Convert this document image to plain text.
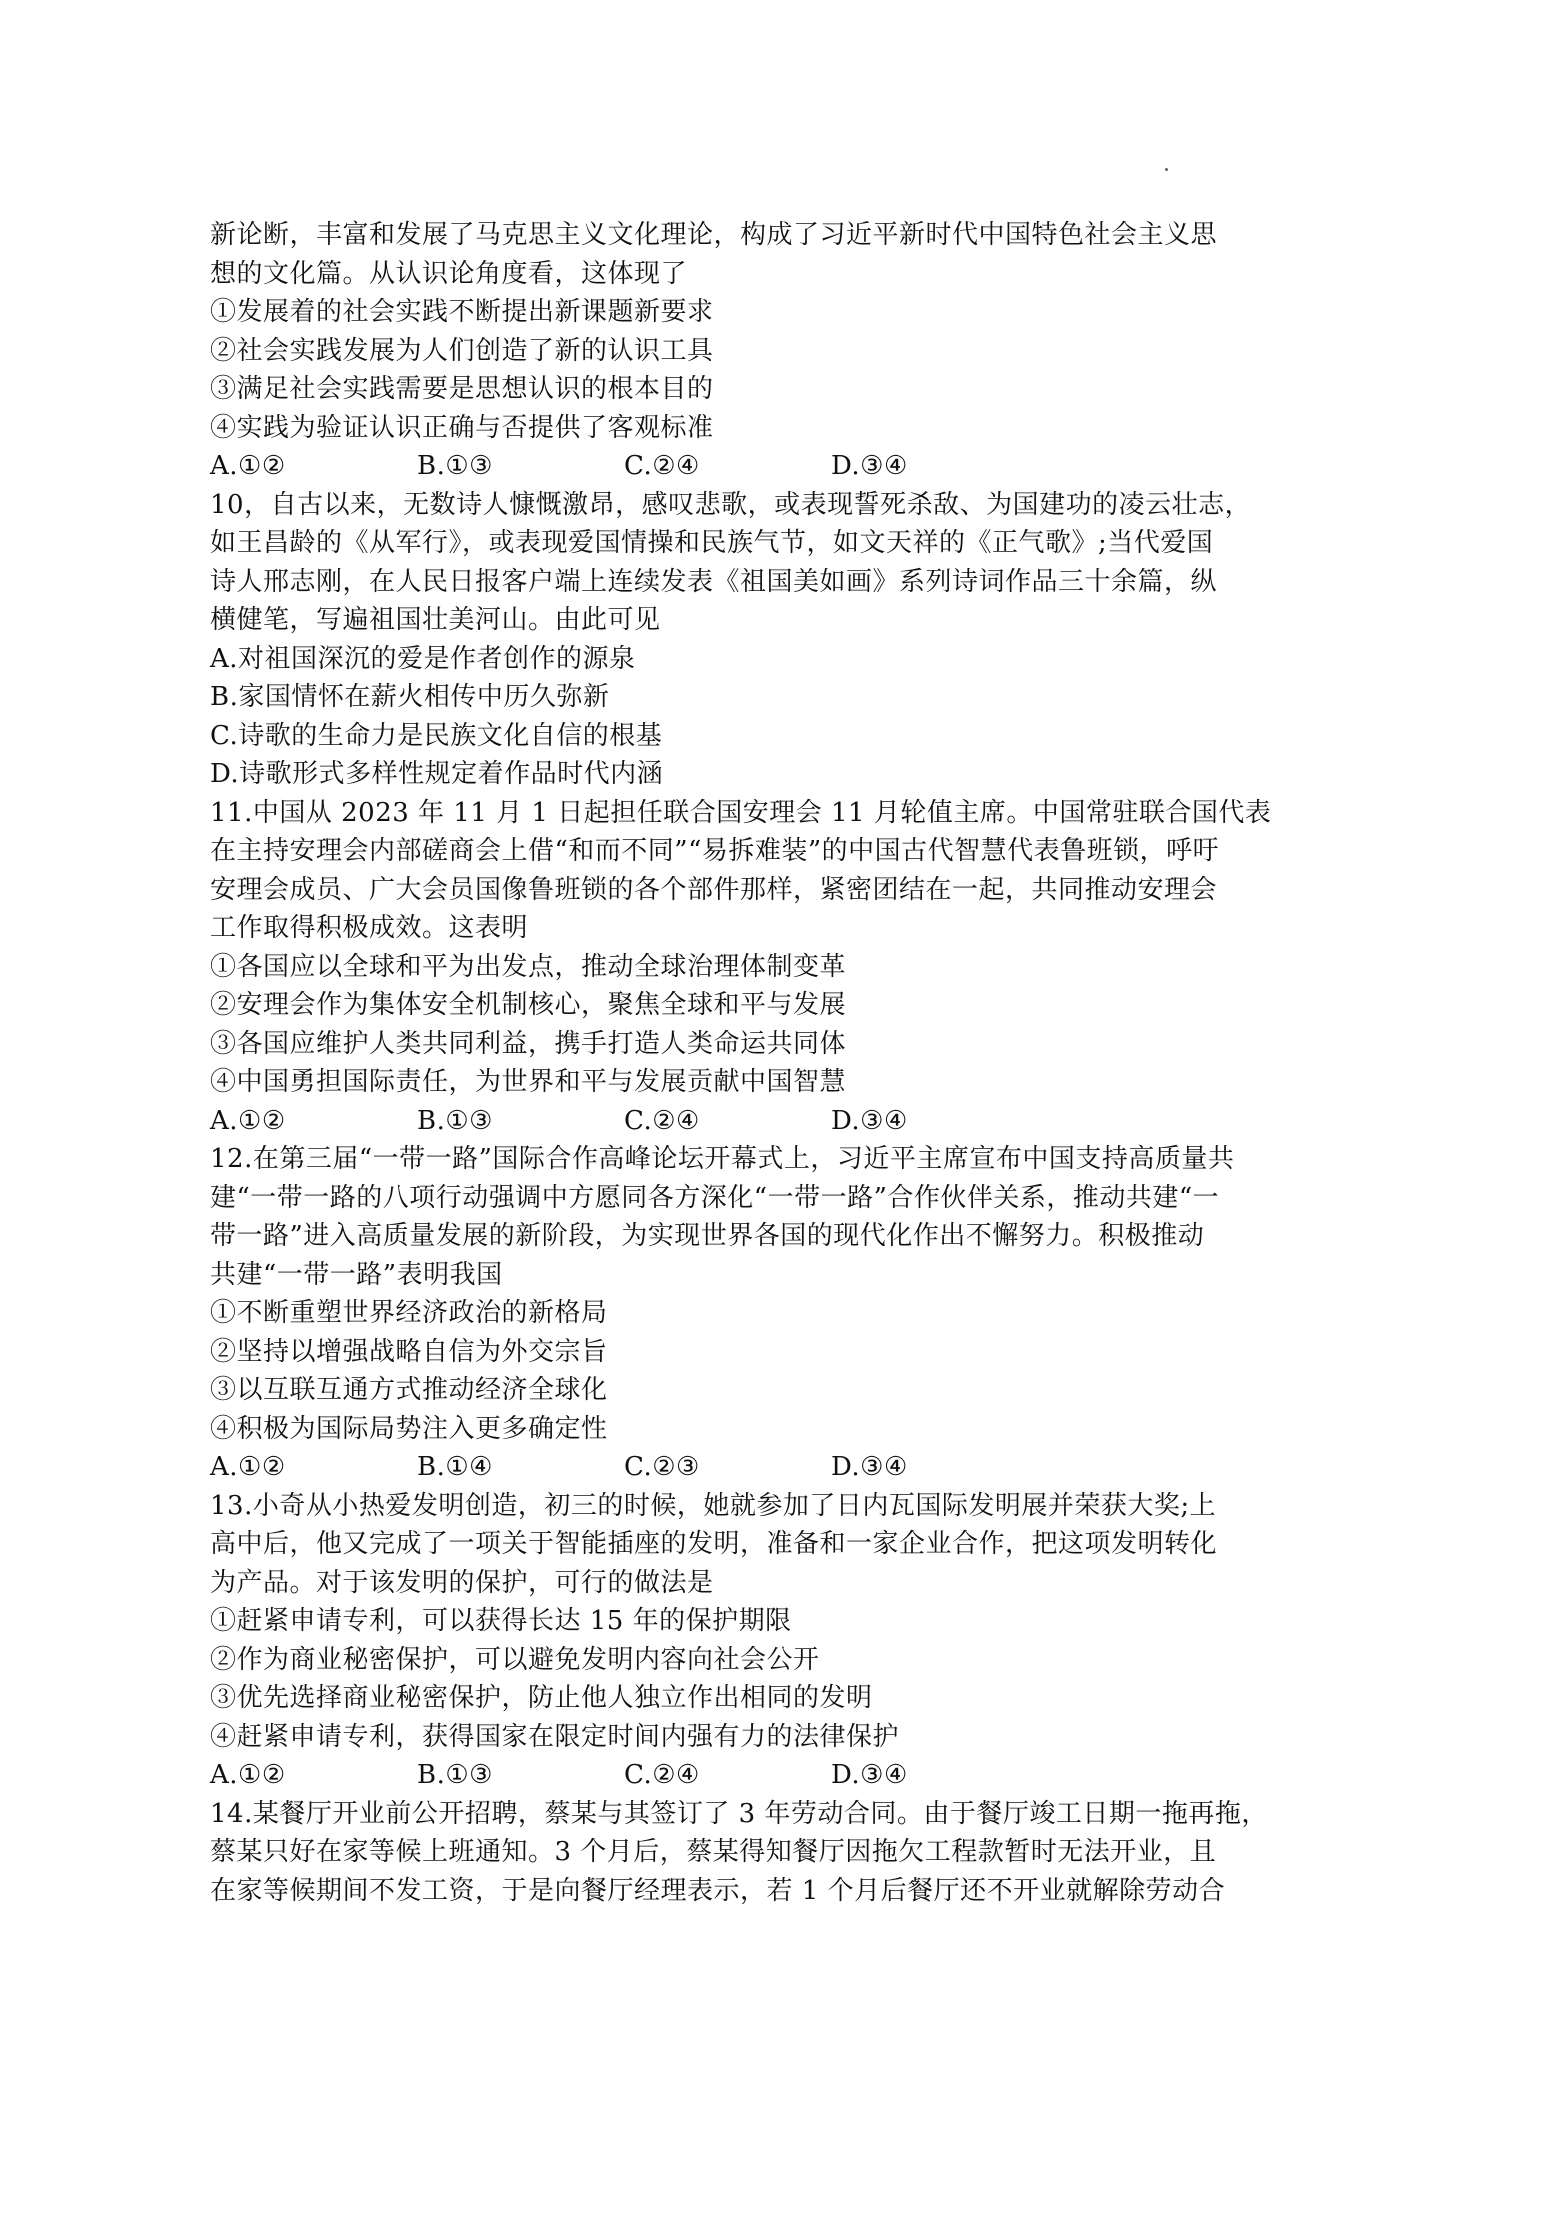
新论断，丰富和发展了马克思主义文化理论，构成了习近平新时代中国特色社会主义思
想的文化篇。从认识论角度看，这体现了
①发展着的社会实践不断提出新课题新要求
②社会实践发展为人们创造了新的认识工具
③满足社会实践需要是思想认识的根本目的
④实践为验证认识正确与否提供了客观标准
A.①②	B.①③	C.②④	D.③④
10，自古以来，无数诗人慷慨激昂，感叹悲歌，或表现誓死杀敌、为国建功的凌云壮志，
如王昌龄的《从军行》，或表现爱国情操和民族气节，如文天祥的《正气歌》;当代爱国
诗人邢志刚，在人民日报客户端上连续发表《祖国美如画》系列诗词作品三十余篇，纵
横健笔，写遍祖国壮美河山。由此可见
A.对祖国深沉的爱是作者创作的源泉
B.家国情怀在薪火相传中历久弥新
C.诗歌的生命力是民族文化自信的根基
D.诗歌形式多样性规定着作品时代内涵
11.中国从 2023 年 11 月 1 日起担任联合国安理会 11 月轮值主席。中国常驻联合国代表
在主持安理会内部磋商会上借“和而不同”“易拆难装”的中国古代智慧代表鲁班锁，呼吁
安理会成员、广大会员国像鲁班锁的各个部件那样，紧密团结在一起，共同推动安理会
工作取得积极成效。这表明
①各国应以全球和平为出发点，推动全球治理体制变革
②安理会作为集体安全机制核心，聚焦全球和平与发展
③各国应维护人类共同利益，携手打造人类命运共同体
④中国勇担国际责任，为世界和平与发展贡献中国智慧
A.①②	B.①③	C.②④	D.③④
12.在第三届“一带一路”国际合作高峰论坛开幕式上，习近平主席宣布中国支持高质量共
建“一带一路的八项行动强调中方愿同各方深化“一带一路”合作伙伴关系，推动共建“一
带一路”进入高质量发展的新阶段，为实现世界各国的现代化作出不懈努力。积极推动
共建“一带一路”表明我国
①不断重塑世界经济政治的新格局
②坚持以增强战略自信为外交宗旨
③以互联互通方式推动经济全球化
④积极为国际局势注入更多确定性
A.①②	B.①④	C.②③	D.③④
13.小奇从小热爱发明创造，初三的时候，她就参加了日内瓦国际发明展并荣获大奖;上
高中后，他又完成了一项关于智能插座的发明，准备和一家企业合作，把这项发明转化
为产品。对于该发明的保护，可行的做法是
①赶紧申请专利，可以获得长达 15 年的保护期限
②作为商业秘密保护，可以避免发明内容向社会公开
③优先选择商业秘密保护，防止他人独立作出相同的发明
④赶紧申请专利，获得国家在限定时间内强有力的法律保护
A.①②	B.①③	C.②④	D.③④
14.某餐厅开业前公开招聘，蔡某与其签订了 3 年劳动合同。由于餐厅竣工日期一拖再拖，
蔡某只好在家等候上班通知。3 个月后，蔡某得知餐厅因拖欠工程款暂时无法开业，且
在家等候期间不发工资，于是向餐厅经理表示，若 1 个月后餐厅还不开业就解除劳动合
